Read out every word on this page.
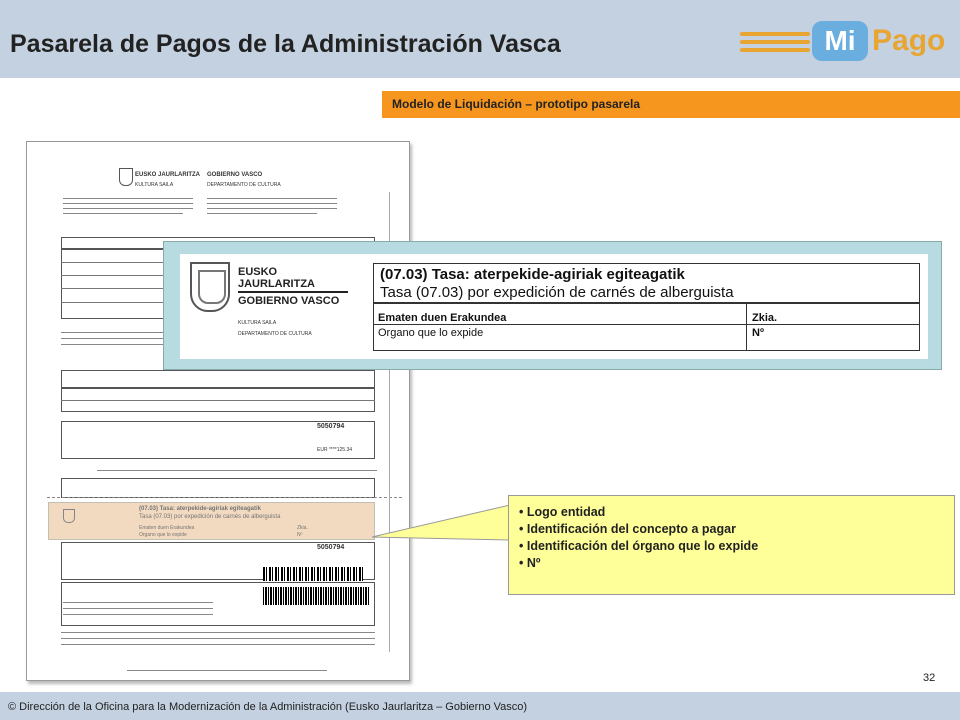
Pasarela de Pagos de la Administración Vasca	Mi Pago
Modelo de Liquidación – prototipo pasarela
EUSKO JAURLARITZA GOBIERNO VASCO
KULTURA SAILA	DEPARTAMENTO DE CULTURA
5050794
EUR ****125.34
5050794
(07.03) Tasa: aterpekide-agiriak egiteagatik
Tasa (07.03) por expedición de carnés de alberguista
Ematen duen Erakundea
Organo que lo expide
Zkia.
Nº
EUSKO JAURLARITZA
GOBIERNO VASCO
KULTURA SAILA
DEPARTAMENTO DE CULTURA
(07.03) Tasa: aterpekide-agiriak egiteagatik
Tasa (07.03) por expedición de carnés de alberguista
Ematen duen Erakundea
Organo que lo expide
Zkia.
Nº
• Logo entidad
• Identificación del concepto a pagar
• Identificación del órgano que lo expide
• Nº
32
© Dirección de la Oficina para la Modernización de la Administración (Eusko Jaurlaritza – Gobierno Vasco)
